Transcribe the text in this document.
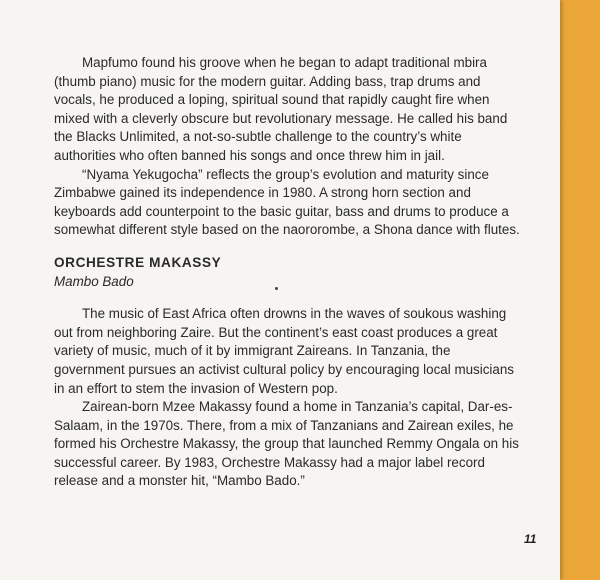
Mapfumo found his groove when he began to adapt traditional mbira (thumb piano) music for the modern guitar. Adding bass, trap drums and vocals, he produced a loping, spiritual sound that rapidly caught fire when mixed with a cleverly obscure but revolutionary message. He called his band the Blacks Unlimited, a not-so-subtle challenge to the country’s white authorities who often banned his songs and once threw him in jail.

“Nyama Yekugocha” reflects the group’s evolution and maturity since Zimbabwe gained its independence in 1980. A strong horn section and keyboards add counterpoint to the basic guitar, bass and drums to produce a somewhat different style based on the naororombe, a Shona dance with flutes.

ORCHESTRE MAKASSY

Mambo Bado

The music of East Africa often drowns in the waves of soukous washing out from neighboring Zaire. But the continent’s east coast produces a great variety of music, much of it by immigrant Zaireans. In Tanzania, the government pursues an activist cultural policy by encouraging local musicians in an effort to stem the invasion of Western pop.

Zairean-born Mzee Makassy found a home in Tanzania’s capital, Dar-es-Salaam, in the 1970s. There, from a mix of Tanzanians and Zairean exiles, he formed his Orchestre Makassy, the group that launched Remmy Ongala on his successful career. By 1983, Orchestre Makassy had a major label record release and a monster hit, “Mambo Bado.”

11
